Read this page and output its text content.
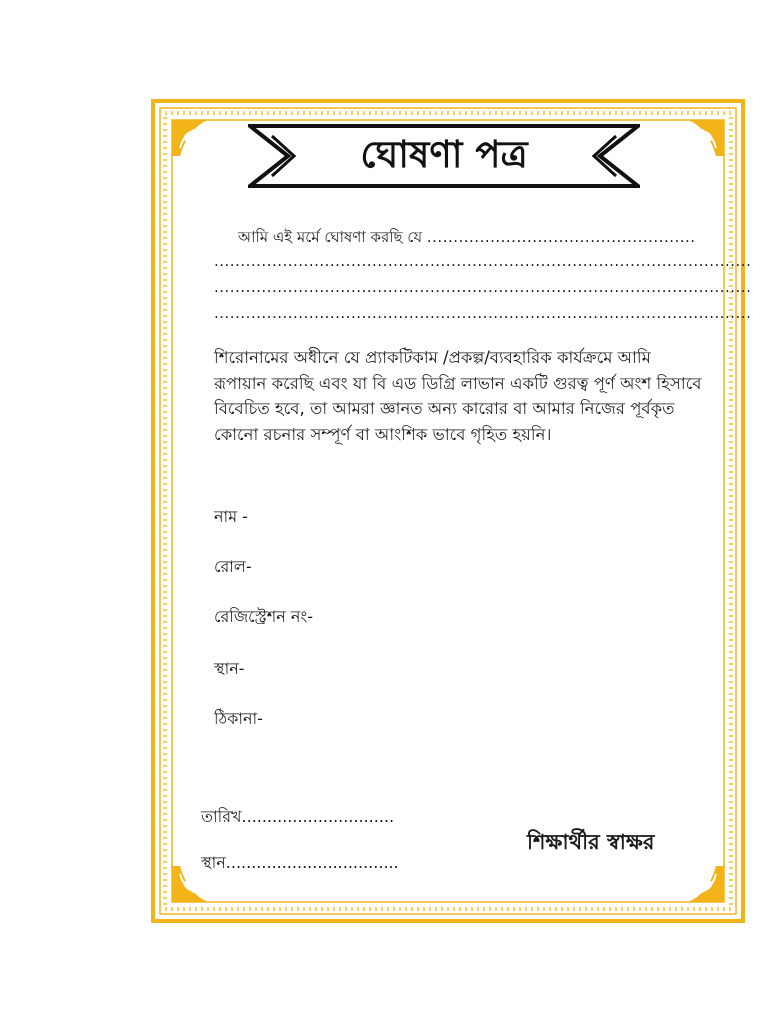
ঘোষণা পত্র
আমি এই মর্মে ঘোষণা করছি যে ...................................................
......................................................................................................
......................................................................................................
......................................................................................................
শিরোনামের অধীনে যে প্র্যাকটিকাম /প্রকল্প/ব্যবহারিক কার্যক্রমে আমি রূপায়ান করেছি এবং যা বি এড ডিগ্রি লাভান একটি গুরত্ব পূর্ণ অংশ হিসাবে বিবেচিত হবে, তা আমরা জ্ঞানত অন্য কারোর বা আমার নিজের পূর্বকৃত কোনো রচনার সম্পূর্ণ বা আংশিক ভাবে গৃহিত হয়নি।
নাম -
রোল-
রেজিস্ট্রেশন নং-
স্থান-
ঠিকানা-
তারিখ..............................
স্থান..................................
শিক্ষার্থীর স্বাক্ষর
